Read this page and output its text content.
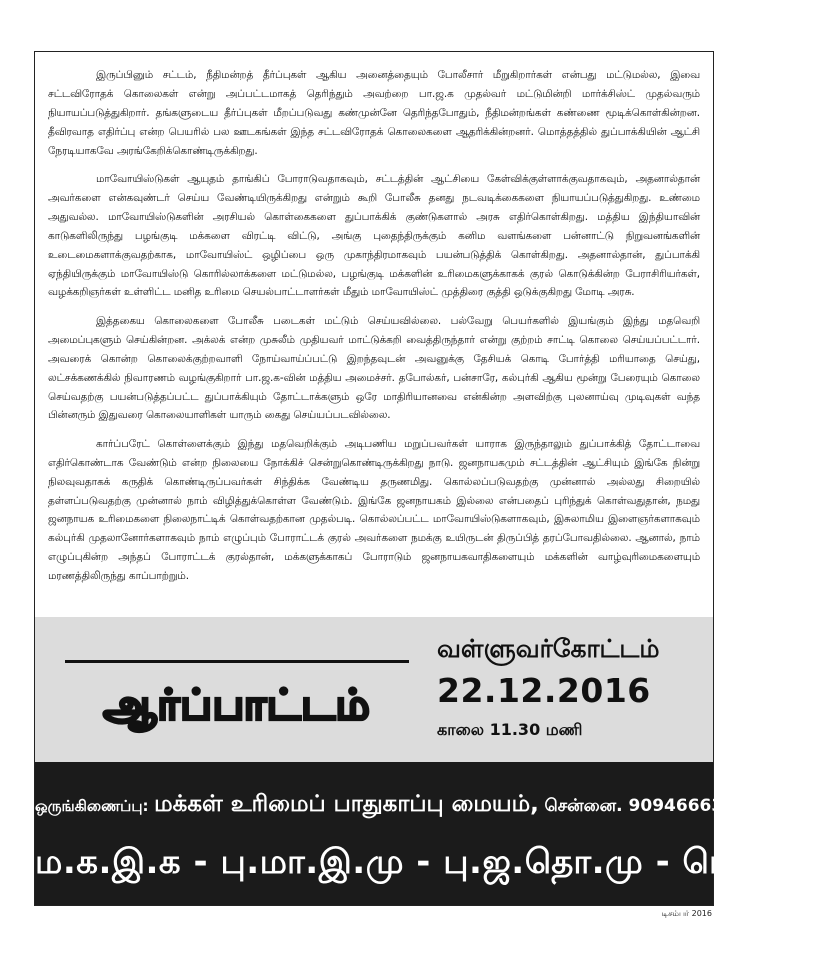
இருப்பினும் சட்டம், நீதிமன்றத் தீர்ப்புகள் ஆகிய அனைத்தையும் போலீசார் மீறுகிறார்கள் என்பது மட்டுமல்ல, இவை சட்டவிரோதக் கொலைகள் என்று அப்பட்டமாகத் தெரிந்தும் அவற்றை பா.ஜ.க முதல்வர் மட்டுமின்றி மார்க்சிஸ்ட் முதல்வரும் நியாயப்படுத்துகிறார். தங்களுடைய தீர்ப்புகள் மீறப்படுவது கண்முன்னே தெரிந்தபோதும், நீதிமன்றங்கள் கண்ணை மூடிக்கொள்கின்றன. தீவிரவாத எதிர்ப்பு என்ற பெயரில் பல ஊடகங்கள் இந்த சட்டவிரோதக் கொலைகளை ஆதரிக்கின்றனர். மொத்தத்தில் துப்பாக்கியின் ஆட்சி நேரடியாகவே அரங்கேறிக்கொண்டிருக்கிறது.

மாவோயிஸ்டுகள் ஆயுதம் தாங்கிப் போராடுவதாகவும், சட்டத்தின் ஆட்சியை கேள்விக்குள்ளாக்குவதாகவும், அதனால்தான் அவர்களை என்கவுண்டர் செய்ய வேண்டியிருக்கிறது என்றும் கூறி போலீசு தனது நடவடிக்கைகளை நியாயப்படுத்துகிறது. உண்மை அதுவல்ல. மாவோயிஸ்டுகளின் அரசியல் கொள்கைகளை துப்பாக்கிக் குண்டுகளால் அரசு எதிர்கொள்கிறது. மத்திய இந்தியாவின் காடுகளிலிருந்து பழங்குடி மக்களை விரட்டி விட்டு, அங்கு புதைந்திருக்கும் கனிம வளங்களை பன்னாட்டு நிறுவனங்களின் உடைமைகளாக்குவதற்காக, மாவோயிஸ்ட் ஒழிப்பை ஒரு முகாந்திரமாகவும் பயன்படுத்திக் கொள்கிறது. அதனால்தான், துப்பாக்கி ஏந்தியிருக்கும் மாவோயிஸ்டு கொரில்லாக்களை மட்டுமல்ல, பழங்குடி மக்களின் உரிமைகளுக்காகக் குரல் கொடுக்கின்ற பேராசிரியர்கள், வழக்கறிஞர்கள் உள்ளிட்ட மனித உரிமை செயல்பாட்டாளர்கள் மீதும் மாவோயிஸ்ட் முத்திரை குத்தி ஒடுக்குகிறது மோடி அரசு.

இத்தகைய கொலைகளை போலீசு படைகள் மட்டும் செய்யவில்லை. பல்வேறு பெயர்களில் இயங்கும் இந்து மதவெறி அமைப்புகளும் செய்கின்றன. அக்லக் என்ற முசுலீம் முதியவர் மாட்டுக்கறி வைத்திருந்தார் என்று குற்றம் சாட்டி கொலை செய்யப்பட்டார். அவரைக் கொன்ற கொலைக்குற்றவாளி நோய்வாய்ப்பட்டு இறந்தவுடன் அவனுக்கு தேசியக் கொடி போர்த்தி மரியாதை செய்து, லட்சக்கணக்கில் நிவாரணம் வழங்குகிறார் பா.ஜ.க-வின் மத்திய அமைச்சர். தபோல்கர், பன்சாரே, கல்புர்கி ஆகிய மூன்று பேரையும் கொலை செய்வதற்கு பயன்படுத்தப்பட்ட துப்பாக்கியும் தோட்டாக்களும் ஒரே மாதிரியானவை என்கின்ற அளவிற்கு புலனாய்வு முடிவுகள் வந்த பின்னரும் இதுவரை கொலையாளிகள் யாரும் கைது செய்யப்படவில்லை.

கார்ப்பரேட் கொள்ளைக்கும் இந்து மதவெறிக்கும் அடிபணிய மறுப்பவர்கள் யாராக இருந்தாலும் துப்பாக்கித் தோட்டாவை எதிர்கொண்டாக வேண்டும் என்ற நிலையை நோக்கிச் சென்றுகொண்டிருக்கிறது நாடு. ஜனநாயகமும் சட்டத்தின் ஆட்சியும் இங்கே நின்று நிலவுவதாகக் கருதிக் கொண்டிருப்பவர்கள் சிந்திக்க வேண்டிய தருணமிது. கொல்லப்படுவதற்கு முன்னால் அல்லது சிறையில் தள்ளப்படுவதற்கு முன்னால் நாம் விழித்துக்கொள்ள வேண்டும். இங்கே ஜனநாயகம் இல்லை என்பதைப் புரிந்துக் கொள்வதுதான், நமது ஜனநாயக உரிமைகளை நிலைநாட்டிக் கொள்வதற்கான முதல்படி. கொல்லப்பட்ட மாவோயிஸ்டுகளாகவும், இசுலாமிய இளைஞர்களாகவும் கல்புர்கி முதலானோர்களாகவும் நாம் எழுப்பும் போராட்டக் குரல் அவர்களை நமக்கு உயிருடன் திருப்பித் தரப்போவதில்லை. ஆனால், நாம் எழுப்புகின்ற அந்தப் போராட்டக் குரல்தான், மக்களுக்காகப் போராடும் ஜனநாயகவாதிகளையும் மக்களின் வாழ்வுரிமைகளையும் மரணத்திலிருந்து காப்பாற்றும்.

ஆர்ப்பாட்டம்
வள்ளுவர்கோட்டம்
22.12.2016
காலை 11.30 மணி
ஒருங்கிணைப்பு: மக்கள் உரிமைப் பாதுகாப்பு மையம், சென்னை. 9094666320
ம.க.இ.க - பு.மா.இ.மு - பு.ஜ.தொ.மு - பெ.வி.மு
டிசம்பர் 2016
